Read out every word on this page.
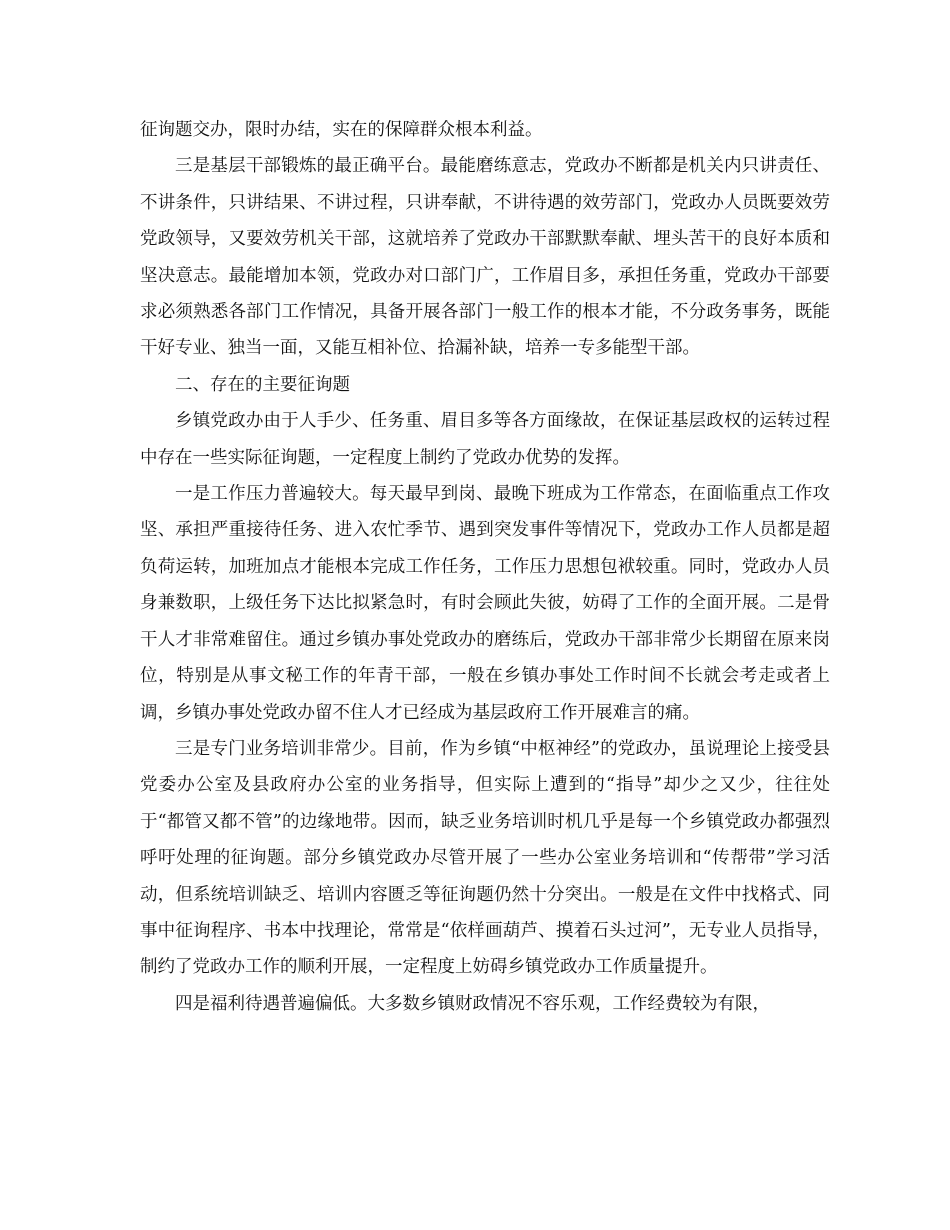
征询题交办，限时办结，实在的保障群众根本利益。

三是基层干部锻炼的最正确平台。最能磨练意志，党政办不断都是机关内只讲责任、不讲条件，只讲结果、不讲过程，只讲奉献，不讲待遇的效劳部门，党政办人员既要效劳党政领导，又要效劳机关干部，这就培养了党政办干部默默奉献、埋头苦干的良好本质和坚决意志。最能增加本领，党政办对口部门广，工作眉目多，承担任务重，党政办干部要求必须熟悉各部门工作情况，具备开展各部门一般工作的根本才能，不分政务事务，既能干好专业、独当一面，又能互相补位、拾漏补缺，培养一专多能型干部。

二、存在的主要征询题

乡镇党政办由于人手少、任务重、眉目多等各方面缘故，在保证基层政权的运转过程中存在一些实际征询题，一定程度上制约了党政办优势的发挥。

一是工作压力普遍较大。每天最早到岗、最晚下班成为工作常态，在面临重点工作攻坚、承担严重接待任务、进入农忙季节、遇到突发事件等情况下，党政办工作人员都是超负荷运转，加班加点才能根本完成工作任务，工作压力思想包袱较重。同时，党政办人员身兼数职，上级任务下达比拟紧急时，有时会顾此失彼，妨碍了工作的全面开展。二是骨干人才非常难留住。通过乡镇办事处党政办的磨练后，党政办干部非常少长期留在原来岗位，特别是从事文秘工作的年青干部，一般在乡镇办事处工作时间不长就会考走或者上调，乡镇办事处党政办留不住人才已经成为基层政府工作开展难言的痛。

三是专门业务培训非常少。目前，作为乡镇“中枢神经”的党政办，虽说理论上接受县党委办公室及县政府办公室的业务指导，但实际上遭到的“指导”却少之又少，往往处于“都管又都不管”的边缘地带。因而，缺乏业务培训时机几乎是每一个乡镇党政办都强烈呼吁处理的征询题。部分乡镇党政办尽管开展了一些办公室业务培训和“传帮带”学习活动，但系统培训缺乏、培训内容匮乏等征询题仍然十分突出。一般是在文件中找格式、同事中征询程序、书本中找理论，常常是“依样画葫芦、摸着石头过河”，无专业人员指导，制约了党政办工作的顺利开展，一定程度上妨碍乡镇党政办工作质量提升。

四是福利待遇普遍偏低。大多数乡镇财政情况不容乐观，工作经费较为有限，
